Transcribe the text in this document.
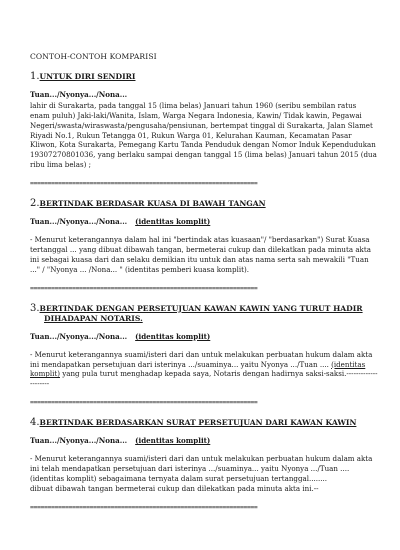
CONTOH-CONTOH KOMPARISI
1.UNTUK DIRI SENDIRI
Tuan.../Nyonya.../Nona...

lahir di Surakarta, pada tanggal 15 (lima belas) Januari tahun 1960 (seribu sembilan ratus enam puluh) Jaki-laki/Wanita, Islam, Warga Negara Indonesia, Kawin/ Tidak kawin, Pegawai Negeri/swasta/wiraswasta/pengusaha/pensiunan, bertempat tinggal di Surakarta, Jalan Slamet Riyadi No.1, Rukun Tetangga 01, Rukun Warga 01, Kelurahan Kauman, Kecamatan Pasar Kliwon, Kota Surakarta, Pemegang Kartu Tanda Penduduk dengan Nomor Induk Kependudukan 19307270801036, yang berlaku sampai dengan tanggal 15 (lima belas) Januari tahun 2015 (dua ribu lima belas) ;

=================================================================
2.BERTINDAK BERDASAR KUASA DI BAWAH TANGAN
Tuan.../Nyonya.../Nona... (identitas komplit)

- Menurut keterangannya dalam hal ini "bertindak atas kuasaan"/ "berdasarkan") Surat Kuasa tertanggal ... yang dibuat dibawah tangan, bermeterai cukup dan dilekatkan pada minuta akta ini sebagai kuasa dari dan selaku demikian itu untuk dan atas nama serta sah mewakili "Tuan ..." / "Nyonya ... /Nona... " (identitas pemberi kuasa komplit).

=================================================================
3.BERTINDAK DENGAN PERSETUJUAN KAWAN KAWIN YANG TURUT HADIR
DIHADAPAN NOTARIS.
Tuan.../Nyonya.../Nona... (identitas komplit)

- Menurut keterangannya suami/isteri dari dan untuk melakukan perbuatan hukum dalam akta ini mendapatkan persetujuan dari isterinya .../suaminya... yaitu Nyonya .../Tuan .... (identitas komplit) yang pula turut menghadap kepada saya, Notaris dengan hadirnya saksi-saksi.---------------------

=================================================================
4.BERTINDAK BERDASARKAN SURAT PERSETUJUAN DARI KAWAN KAWIN
Tuan.../Nyonya.../Nona... (identitas komplit)

- Menurut keterangannya suami/isteri dari dan untuk melakukan perbuatan hukum dalam akta ini telah mendapatkan persetujuan dari isterinya .../suaminya... yaitu Nyonya .../Tuan .... (identitas komplit) sebagaimana ternyata dalam surat persetujuan tertanggal........

dibuat dibawah tangan bermeterai cukup dan dilekatkan pada minuta akta ini.--

=================================================================
